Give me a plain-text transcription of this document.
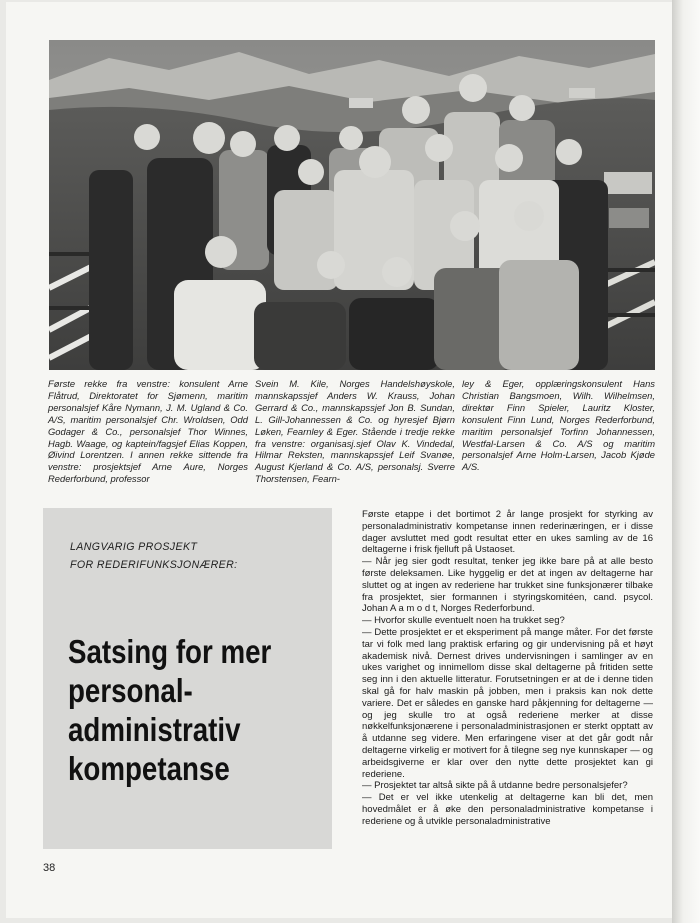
Første rekke fra venstre: konsulent Arne Flåtrud, Direktoratet for Sjømenn, maritim personalsjef Kåre Nymann, J. M. Ugland & Co. A/S, maritim personalsjef Chr. Wroldsen, Odd Godager & Co., personalsjef Thor Winnes, Hagb. Waage, og kaptein/fagsjef Elias Koppen, Øivind Lorentzen. I annen rekke sittende fra venstre: prosjektsjef Arne Aure, Norges Rederforbund, professor
Svein M. Kile, Norges Handelshøyskole, mannskapssjef Anders W. Krauss, Johan Gerrard & Co., mannskapssjef Jon B. Sundan, L. Gill-Johannessen & Co. og hyresjef Bjørn Løken, Fearnley & Eger. Stående i tredje rekke fra venstre: organisasj.sjef Olav K. Vindedal, Hilmar Reksten, mannskapssjef Leif Svanøe, August Kjerland & Co. A/S, personalsj. Sverre Thorstensen, Fearn-
ley & Eger, opplæringskonsulent Hans Christian Bangsmoen, Wilh. Wilhelmsen, direktør Finn Spieler, Lauritz Kloster, konsulent Finn Lund, Norges Rederforbund, maritim personalsjef Torfinn Johannessen, Westfal-Larsen & Co. A/S og maritim personalsjef Arne Holm-Larsen, Jacob Kjøde A/S.
LANGVARIG PROSJEKT
FOR REDERIFUNKSJONÆRER:
Satsing for mer
personal-
administrativ
kompetanse

Første etappe i det bortimot 2 år lange prosjekt for styrking av personaladministrativ kompetanse innen rederinæringen, er i disse dager avsluttet med godt resultat etter en ukes samling av de 16 deltagerne i frisk fjelluft på Ustaoset.

— Når jeg sier godt resultat, tenker jeg ikke bare på at alle besto første deleksamen. Like hyggelig er det at ingen av deltagerne har sluttet og at ingen av rederiene har trukket sine funksjonærer tilbake fra prosjektet, sier formannen i styringskomitéen, cand. psycol. Johan A a m o d t, Norges Rederforbund.

— Hvorfor skulle eventuelt noen ha trukket seg?

— Dette prosjektet er et eksperiment på mange måter. For det første tar vi folk med lang praktisk erfaring og gir undervisning på et høyt akademisk nivå. Dernest drives undervisningen i samlinger av en ukes varighet og innimellom disse skal deltagerne på fritiden sette seg inn i den aktuelle litteratur. Forutsetningen er at de i denne tiden skal gå for halv maskin på jobben, men i praksis kan nok dette variere. Det er således en ganske hard påkjenning for deltagerne — og jeg skulle tro at også rederiene merker at disse nøkkelfunksjonærene i personaladministrasjonen er sterkt opptatt av å utdanne seg videre. Men erfaringene viser at det går godt når deltagerne virkelig er motivert for å tilegne seg nye kunnskaper — og arbeidsgiverne er klar over den nytte dette prosjektet kan gi rederiene.

— Prosjektet tar altså sikte på å utdanne bedre personalsjefer?

— Det er vel ikke utenkelig at deltagerne kan bli det, men hovedmålet er å øke den personaladministrative kompetanse i rederiene og å utvikle personaladministrative

38
